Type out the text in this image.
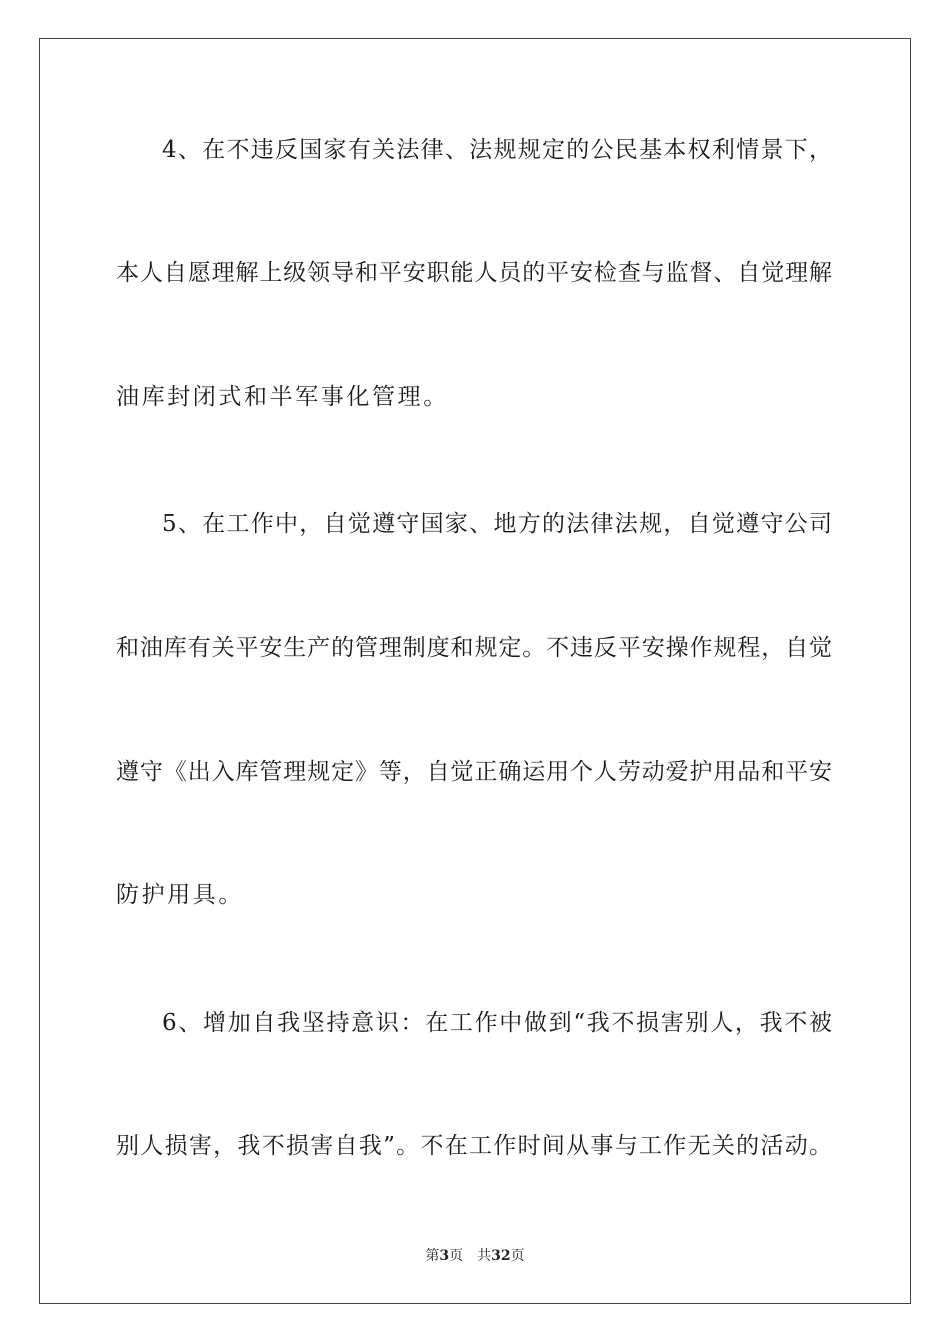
4、在不违反国家有关法律、法规规定的公民基本权利情景下，
本人自愿理解上级领导和平安职能人员的平安检查与监督、自觉理解
油库封闭式和半军事化管理。
5、在工作中，自觉遵守国家、地方的法律法规，自觉遵守公司
和油库有关平安生产的管理制度和规定。不违反平安操作规程，自觉
遵守《出入库管理规定》等，自觉正确运用个人劳动爱护用品和平安
防护用具。
6、增加自我坚持意识：在工作中做到“我不损害别人，我不被
别人损害，我不损害自我”。不在工作时间从事与工作无关的活动。
第3页 共32页
